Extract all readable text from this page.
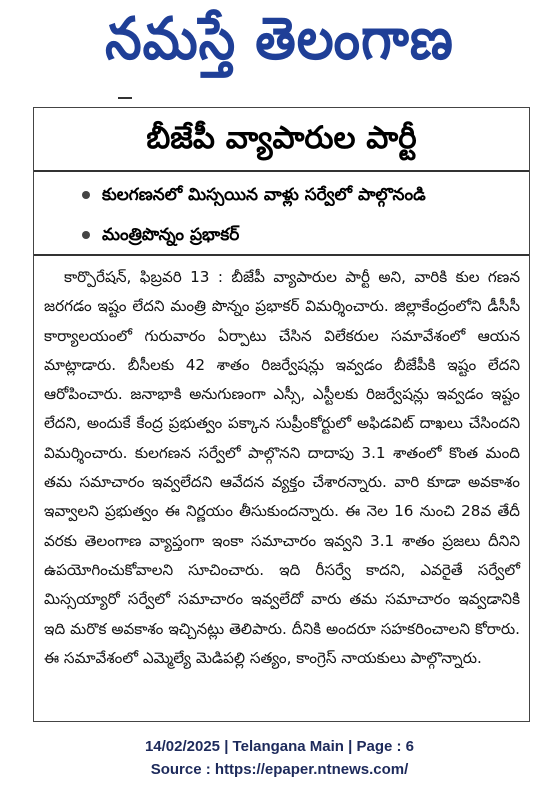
నమస్తే తెలంగాణ
బీజేపీ వ్యాపారుల పార్టీ
కులగణనలో మిస్సయిన వాళ్లు సర్వేలో పాల్గొనండి
మంత్రిపొన్నం ప్రభాకర్
కార్పొరేషన్, ఫిబ్రవరి 13 : బీజేపీ వ్యాపారుల పార్టీ అని, వారికి కుల గణన జరగడం ఇష్టం లేదని మంత్రి పొన్నం ప్రభాకర్ విమర్శించారు. జిల్లాకేంద్రంలోని డీసీసీ కార్యాలయంలో గురువారం ఏర్పాటు చేసిన విలేకరుల సమావేశంలో ఆయన మాట్లాడారు. బీసీలకు 42 శాతం రిజర్వేషన్లు ఇవ్వడం బీజేపీకి ఇష్టం లేదని ఆరోపించారు. జనాభాకి అనుగుణంగా ఎస్సీ, ఎస్టీలకు రిజర్వేషన్లు ఇవ్వడం ఇష్టం లేదని, అందుకే కేంద్ర ప్రభుత్వం పక్కాన సుప్రీంకోర్టులో అఫిడవిట్ దాఖలు చేసిందని విమర్శించారు. కులగణన సర్వేలో పాల్గొనని దాదాపు 3.1 శాతంలో కొంత మంది తమ సమాచారం ఇవ్వలేదని ఆవేదన వ్యక్తం చేశారన్నారు. వారి కూడా అవకాశం ఇవ్వాలని ప్రభుత్వం ఈ నిర్ణయం తీసుకుందన్నారు. ఈ నెల 16 నుంచి 28వ తేదీ వరకు తెలంగాణ వ్యాప్తంగా ఇంకా సమాచారం ఇవ్వని 3.1 శాతం ప్రజలు దీనిని ఉపయోగించుకోవాలని సూచించారు. ఇది రీసర్వే కాదని, ఎవరైతే సర్వేలో మిస్సయ్యారో సర్వేలో సమాచారం ఇవ్వలేదో వారు తమ సమాచారం ఇవ్వడానికి ఇది మరొక అవకాశం ఇచ్చినట్లు తెలిపారు. దీనికి అందరూ సహకరించాలని కోరారు. ఈ సమావేశంలో ఎమ్మెల్యే మెడిపల్లి సత్యం, కాంగ్రెస్ నాయకులు పాల్గొన్నారు.
14/02/2025 | Telangana Main | Page : 6
Source : https://epaper.ntnews.com/
